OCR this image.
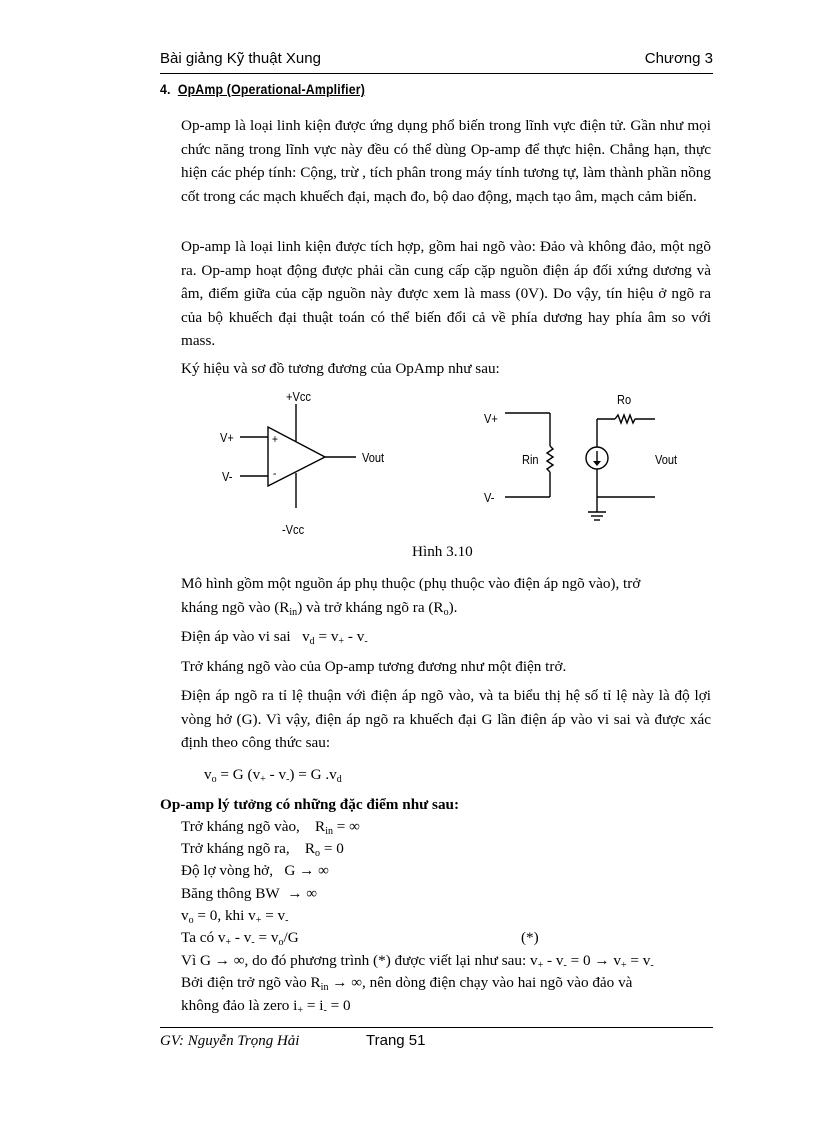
Bài giảng Kỹ thuật Xung	Chương 3
4. OpAmp (Operational-Amplifier)
Op-amp là loại linh kiện được ứng dụng phổ biến trong lĩnh vực điện tử. Gần như mọi chức năng trong lĩnh vực này đều có thể dùng Op-amp để thực hiện. Chẳng hạn, thực hiện các phép tính: Cộng, trừ , tích phân trong máy tính tương tự, làm thành phần nồng cốt trong các mạch khuếch đại, mạch đo, bộ dao động, mạch tạo âm, mạch cảm biến.
Op-amp là loại linh kiện được tích hợp, gồm hai ngõ vào: Đảo và không đảo, một ngõ ra. Op-amp hoạt động được phải cần cung cấp cặp nguồn điện áp đối xứng dương và âm, điểm giữa của cặp nguồn này được xem là mass (0V). Do vậy, tín hiệu ở ngõ ra của bộ khuếch đại thuật toán có thể biến đổi cả về phía dương hay phía âm so với mass.
Ký hiệu và sơ đồ tương đương của OpAmp như sau:
+Vcc
V+	+
-
Vout
V-
-Vcc
V+
V-
Rin
Ro
Vout
Hình 3.10
Mô hình gồm một nguồn áp phụ thuộc (phụ thuộc vào điện áp ngõ vào), trở
kháng ngõ vào $(R_{in})$ và trở kháng ngõ ra $(R_o)$.
Điện áp vào vi sai $v_d = v_+ - v_-$
Trở kháng ngõ vào của Op-amp tương đương như một điện trở.
Điện áp ngõ ra tỉ lệ thuận với điện áp ngõ vào, và ta biểu thị hệ số tỉ lệ này là độ lợi vòng hở (G). Vì vậy, điện áp ngõ ra khuếch đại G lần điện áp vào vi sai và được xác định theo công thức sau:
$v_o = G$ $(v_+ - v_-) = G$ $.v_d$
Op-amp lý tưởng có những đặc điểm như sau:
Trở kháng ngõ vào, $R_{in}$ = ∞
Trở kháng ngõ ra, $R_o = 0$
Độ lợ vòng hở, G → ∞
Băng thông BW → ∞
$v_o = 0$, khi $v_+ = v_-$
Ta có $v_+ - v_- = v_o/G$	(*)
Vì G → ∞, do đó phương trình (*) được viết lại như sau: $v_+ - v_- = 0 \to v_+ = v_-$
Bởi điện trở ngõ vào $R_{in}$ → ∞, nên dòng điện chạy vào hai ngõ vào đảo và
không đảo là zero $i_+ = i_- = 0$
GV: Nguyễn Trọng Hải	Trang 51
